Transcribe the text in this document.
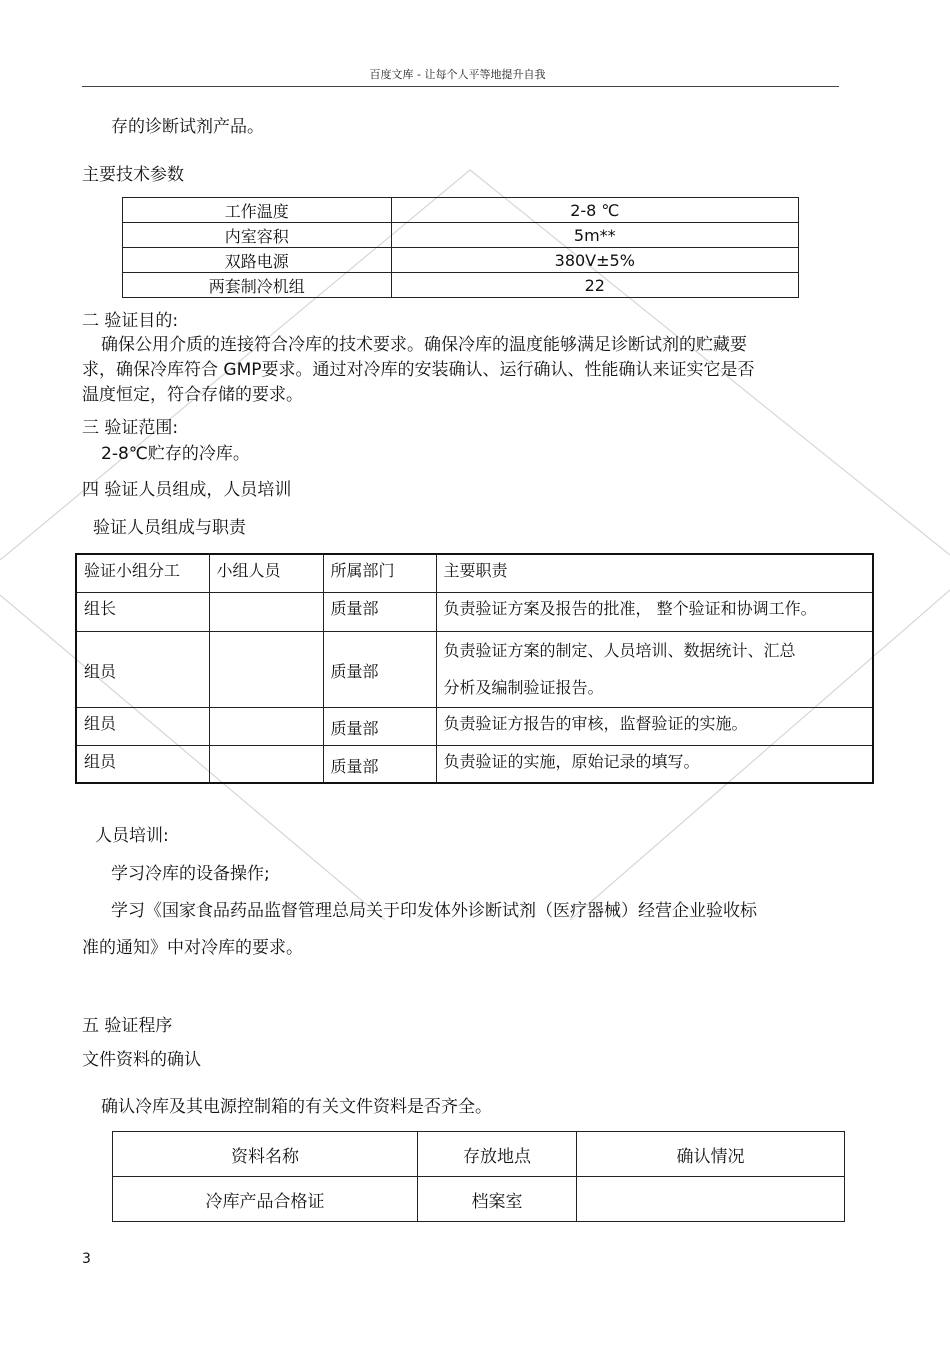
百度文库 - 让每个人平等地提升自我
存的诊断试剂产品。
主要技术参数
工作温度	2-8 ℃
内室容积	5m**
双路电源	380V±5%
两套制冷机组	22
二 验证目的:
确保公用介质的连接符合冷库的技术要求。确保冷库的温度能够满足诊断试剂的贮藏要
求，确保冷库符合 GMP要求。通过对冷库的安装确认、运行确认、性能确认来证实它是否
温度恒定，符合存储的要求。
三 验证范围:
2-8℃贮存的冷库。
四 验证人员组成，人员培训
验证人员组成与职责
验证小组分工	小组人员	所属部门	主要职责
组长		质量部	负责验证方案及报告的批准， 整个验证和协调工作。
组员		质量部	负责验证方案的制定、人员培训、数据统计、汇总
分析及编制验证报告。

组员		质量部	负责验证方报告的审核，监督验证的实施。
组员		质量部	负责验证的实施，原始记录的填写。
人员培训:
学习冷库的设备操作;
学习《国家食品药品监督管理总局关于印发体外诊断试剂（医疗器械）经营企业验收标
准的通知》中对冷库的要求。
五 验证程序
文件资料的确认
确认冷库及其电源控制箱的有关文件资料是否齐全。
资料名称	存放地点	确认情况
冷库产品合格证	档案室	
3
